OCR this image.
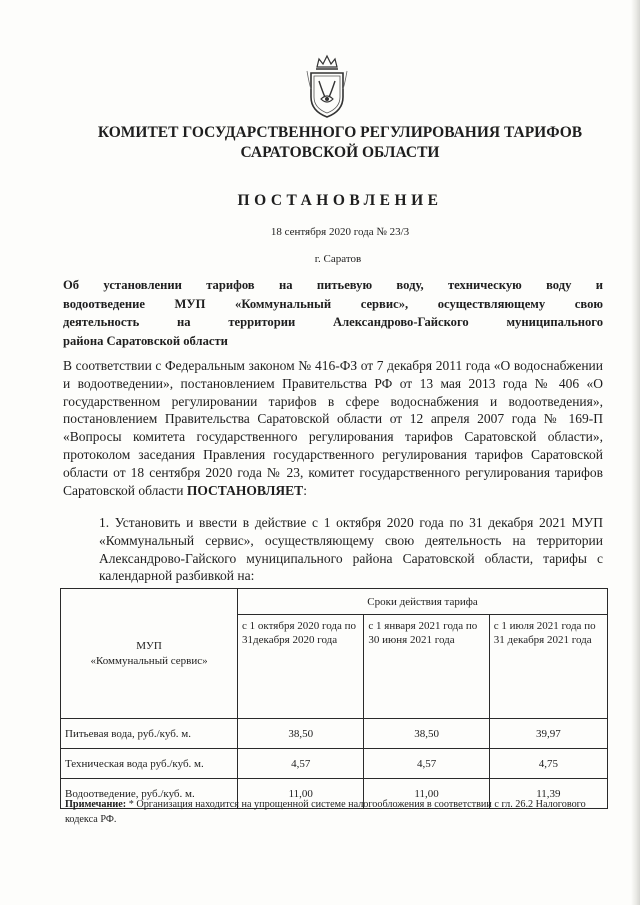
КОМИТЕТ ГОСУДАРСТВЕННОГО РЕГУЛИРОВАНИЯ ТАРИФОВ
САРАТОВСКОЙ ОБЛАСТИ
ПОСТАНОВЛЕНИЕ
18 сентября 2020 года № 23/3
г. Саратов
Об установлении тарифов на питьевую воду, техническую воду и
водоотведение МУП «Коммунальный сервис», осуществляющему свою
деятельность на территории Александрово-Гайского муниципального
района Саратовской области
В соответствии с Федеральным законом № 416-ФЗ от 7 декабря 2011 года «О водоснабжении и водоотведении», постановлением Правительства РФ от 13 мая 2013 года № 406 «О государственном регулировании тарифов в сфере водоснабжения и водоотведения», постановлением Правительства Саратовской области от 12 апреля 2007 года № 169-П «Вопросы комитета государственного регулирования тарифов Саратовской области», протоколом заседания Правления государственного регулирования тарифов Саратовской области от 18 сентября 2020 года № 23, комитет государственного регулирования тарифов Саратовской области ПОСТАНОВЛЯЕТ:
1. Установить и ввести в действие с 1 октября 2020 года по 31 декабря 2021 МУП «Коммунальный сервис», осуществляющему свою деятельность на территории Александрово-Гайского муниципального района Саратовской области, тарифы с календарной разбивкой на:
МУП
«Коммунальный сервис»	Сроки действия тарифа		
	с 1 октября 2020 года по 31декабря 2020 года	с 1 января 2021 года по 30 июня 2021 года	с 1 июля 2021 года по 31 декабря 2021 года
Питьевая вода, руб./куб. м.	38,50	38,50	39,97
Техническая вода руб./куб. м.	4,57	4,57	4,75
Водоотведение, руб./куб. м.	11,00	11,00	11,39
Примечание: * Организация находится на упрощенной системе налогообложения в соответствии с гл. 26.2 Налогового кодекса РФ.
